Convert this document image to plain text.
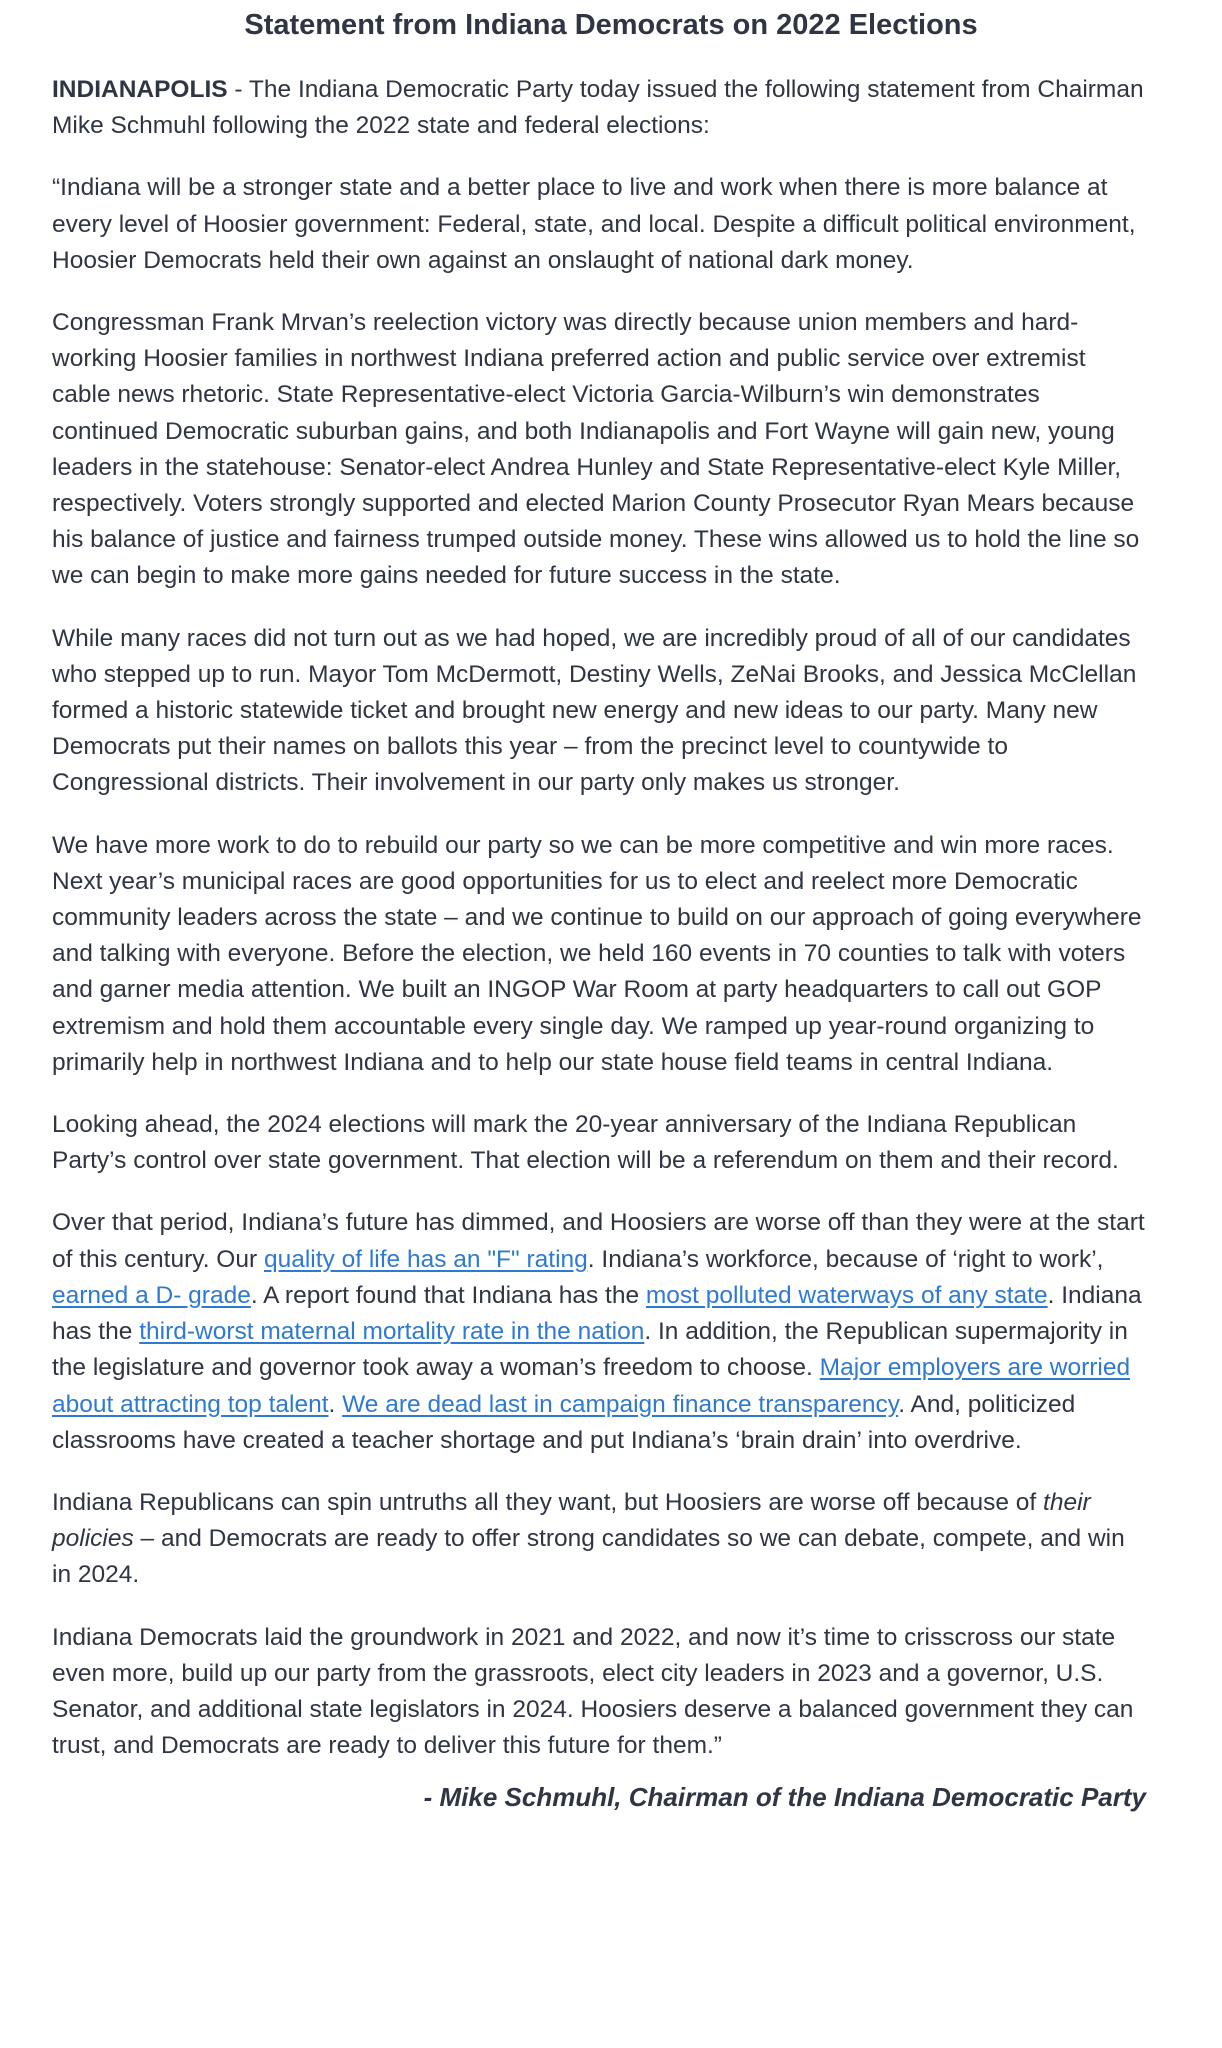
Statement from Indiana Democrats on 2022 Elections

INDIANAPOLIS - The Indiana Democratic Party today issued the following statement from Chairman Mike Schmuhl following the 2022 state and federal elections:

“Indiana will be a stronger state and a better place to live and work when there is more balance at every level of Hoosier government: Federal, state, and local. Despite a difficult political environment, Hoosier Democrats held their own against an onslaught of national dark money.

Congressman Frank Mrvan’s reelection victory was directly because union members and hard-working Hoosier families in northwest Indiana preferred action and public service over extremist cable news rhetoric. State Representative-elect Victoria Garcia-Wilburn’s win demonstrates continued Democratic suburban gains, and both Indianapolis and Fort Wayne will gain new, young leaders in the statehouse: Senator-elect Andrea Hunley and State Representative-elect Kyle Miller, respectively. Voters strongly supported and elected Marion County Prosecutor Ryan Mears because his balance of justice and fairness trumped outside money. These wins allowed us to hold the line so we can begin to make more gains needed for future success in the state.

While many races did not turn out as we had hoped, we are incredibly proud of all of our candidates who stepped up to run. Mayor Tom McDermott, Destiny Wells, ZeNai Brooks, and Jessica McClellan formed a historic statewide ticket and brought new energy and new ideas to our party. Many new Democrats put their names on ballots this year – from the precinct level to countywide to Congressional districts. Their involvement in our party only makes us stronger.

We have more work to do to rebuild our party so we can be more competitive and win more races. Next year’s municipal races are good opportunities for us to elect and reelect more Democratic community leaders across the state – and we continue to build on our approach of going everywhere and talking with everyone. Before the election, we held 160 events in 70 counties to talk with voters and garner media attention. We built an INGOP War Room at party headquarters to call out GOP extremism and hold them accountable every single day. We ramped up year-round organizing to primarily help in northwest Indiana and to help our state house field teams in central Indiana.

Looking ahead, the 2024 elections will mark the 20-year anniversary of the Indiana Republican Party’s control over state government. That election will be a referendum on them and their record.

Over that period, Indiana’s future has dimmed, and Hoosiers are worse off than they were at the start of this century. Our quality of life has an "F" rating. Indiana’s workforce, because of ‘right to work’, earned a D- grade. A report found that Indiana has the most polluted waterways of any state. Indiana has the third-worst maternal mortality rate in the nation. In addition, the Republican supermajority in the legislature and governor took away a woman’s freedom to choose. Major employers are worried about attracting top talent. We are dead last in campaign finance transparency. And, politicized classrooms have created a teacher shortage and put Indiana’s ‘brain drain’ into overdrive.

Indiana Republicans can spin untruths all they want, but Hoosiers are worse off because of their policies – and Democrats are ready to offer strong candidates so we can debate, compete, and win in 2024.

Indiana Democrats laid the groundwork in 2021 and 2022, and now it’s time to crisscross our state even more, build up our party from the grassroots, elect city leaders in 2023 and a governor, U.S. Senator, and additional state legislators in 2024. Hoosiers deserve a balanced government they can trust, and Democrats are ready to deliver this future for them.”

- Mike Schmuhl, Chairman of the Indiana Democratic Party
